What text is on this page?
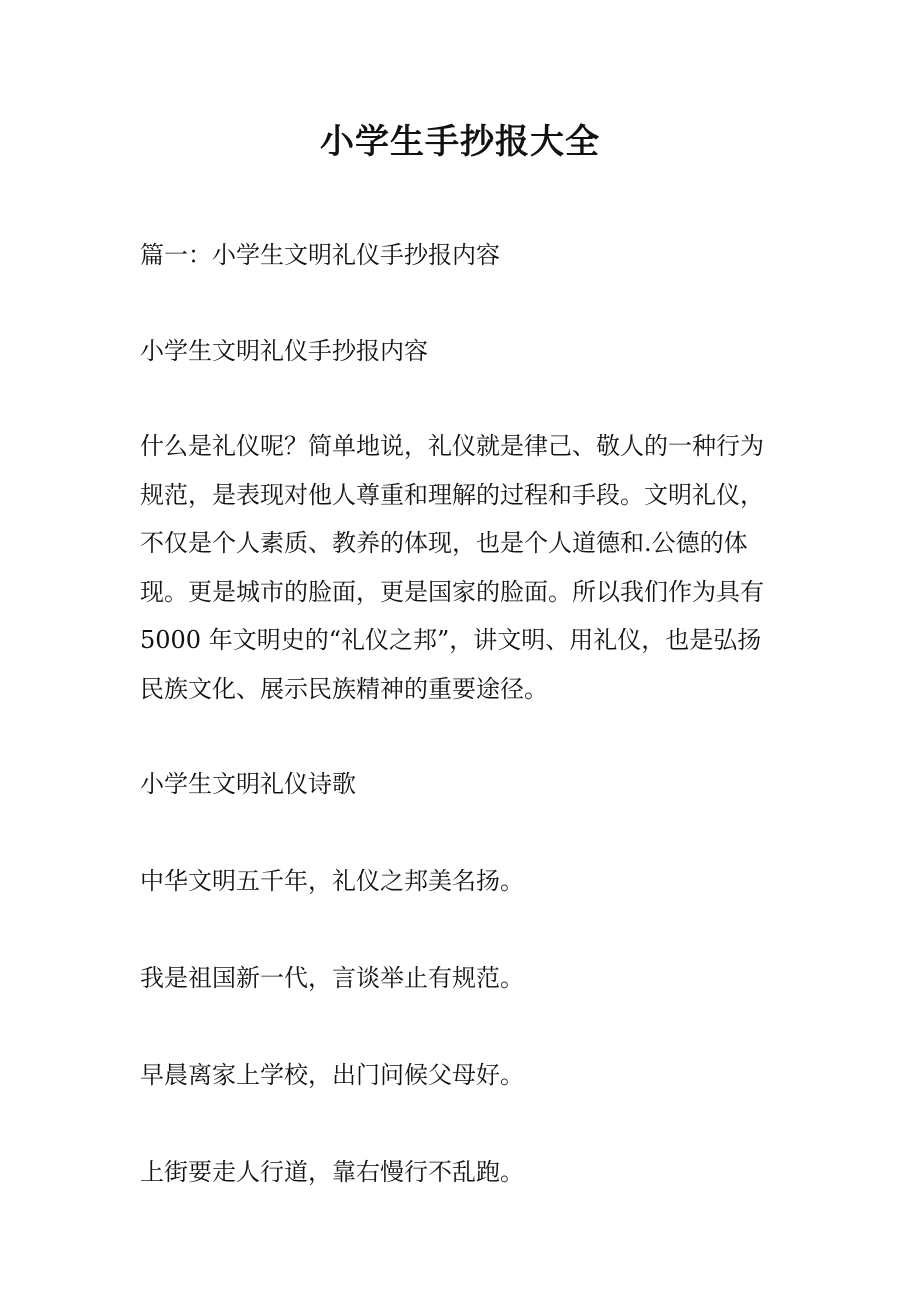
小学生手抄报大全

篇一：小学生文明礼仪手抄报内容

小学生文明礼仪手抄报内容

什么是礼仪呢？简单地说，礼仪就是律己、敬人的一种行为
规范，是表现对他人尊重和理解的过程和手段。文明礼仪，
不仅是个人素质、教养的体现，也是个人道德和.公德的体
现。更是城市的脸面，更是国家的脸面。所以我们作为具有
5000 年文明史的“礼仪之邦”，讲文明、用礼仪，也是弘扬
民族文化、展示民族精神的重要途径。

小学生文明礼仪诗歌

中华文明五千年，礼仪之邦美名扬。

我是祖国新一代，言谈举止有规范。

早晨离家上学校，出门问候父母好。

上街要走人行道，靠右慢行不乱跑。
